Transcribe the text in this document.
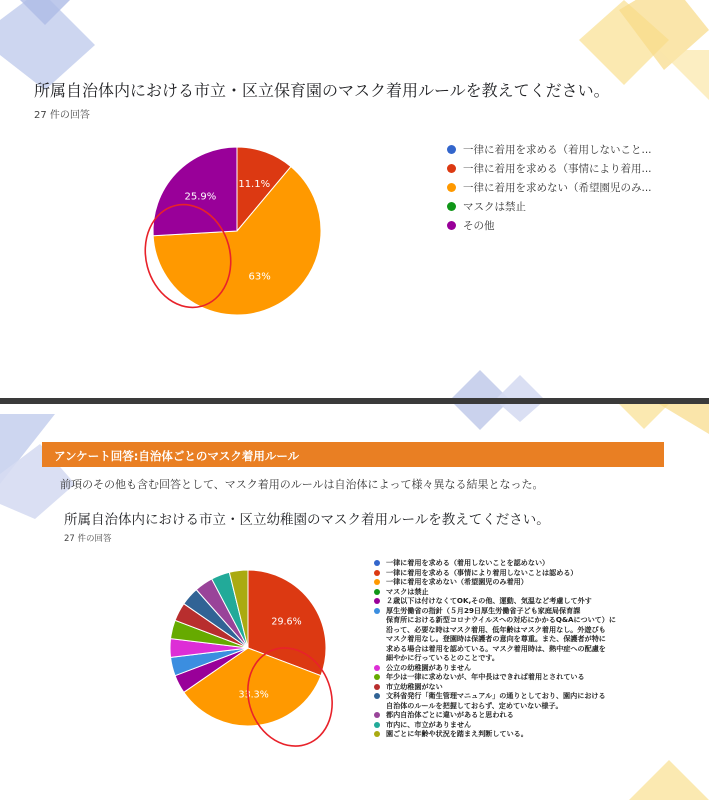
所属自治体内における市立・区立保育園のマスク着用ルールを教えてください。
27 件の回答
11.1%
63%
25.9%
一律に着用を求める（着用しないこと...
一律に着用を求める（事情により着用...
一律に着用を求めない（希望園児のみ...
マスクは禁止
その他
アンケート回答:自治体ごとのマスク着用ルール
前項のその他も含む回答として、マスク着用のルールは自治体によって様々異なる結果となった。
所属自治体内における市立・区立幼稚園のマスク着用ルールを教えてください。
27 件の回答
29.6%
33.3%
一律に着用を求める（着用しないことを認めない）
一律に着用を求める（事情により着用しないことは認める）
一律に着用を求めない（希望園児のみ着用）
マスクは禁止
２歳以下は付けなくてOK,その他、運動、気温など考慮して外す
厚生労働省の指針（５月29日厚生労働省子ども家庭局保育課
保育所における新型コロナウイルスへの対応にかかるQ&Aについて）に
沿って、必要な時はマスク着用、低年齢はマスク着用なし。外遊びも
マスク着用なし。登園時は保護者の意向を尊重。また、保護者が特に
求める場合は着用を認めている。マスク着用時は、熱中症への配慮を
細やかに行っているとのことです。
公立の幼稚園がありません
年少は一律に求めないが、年中長はできれば着用とされている
市立幼稚園がない
文科省発行「衛生管理マニュアル」の通りとしており、園内における
自治体のルールを把握しておらず、定めていない様子。
都内自治体ごとに違いがあると思われる
市内に、市立がありません
園ごとに年齢や状況を踏まえ判断している。
